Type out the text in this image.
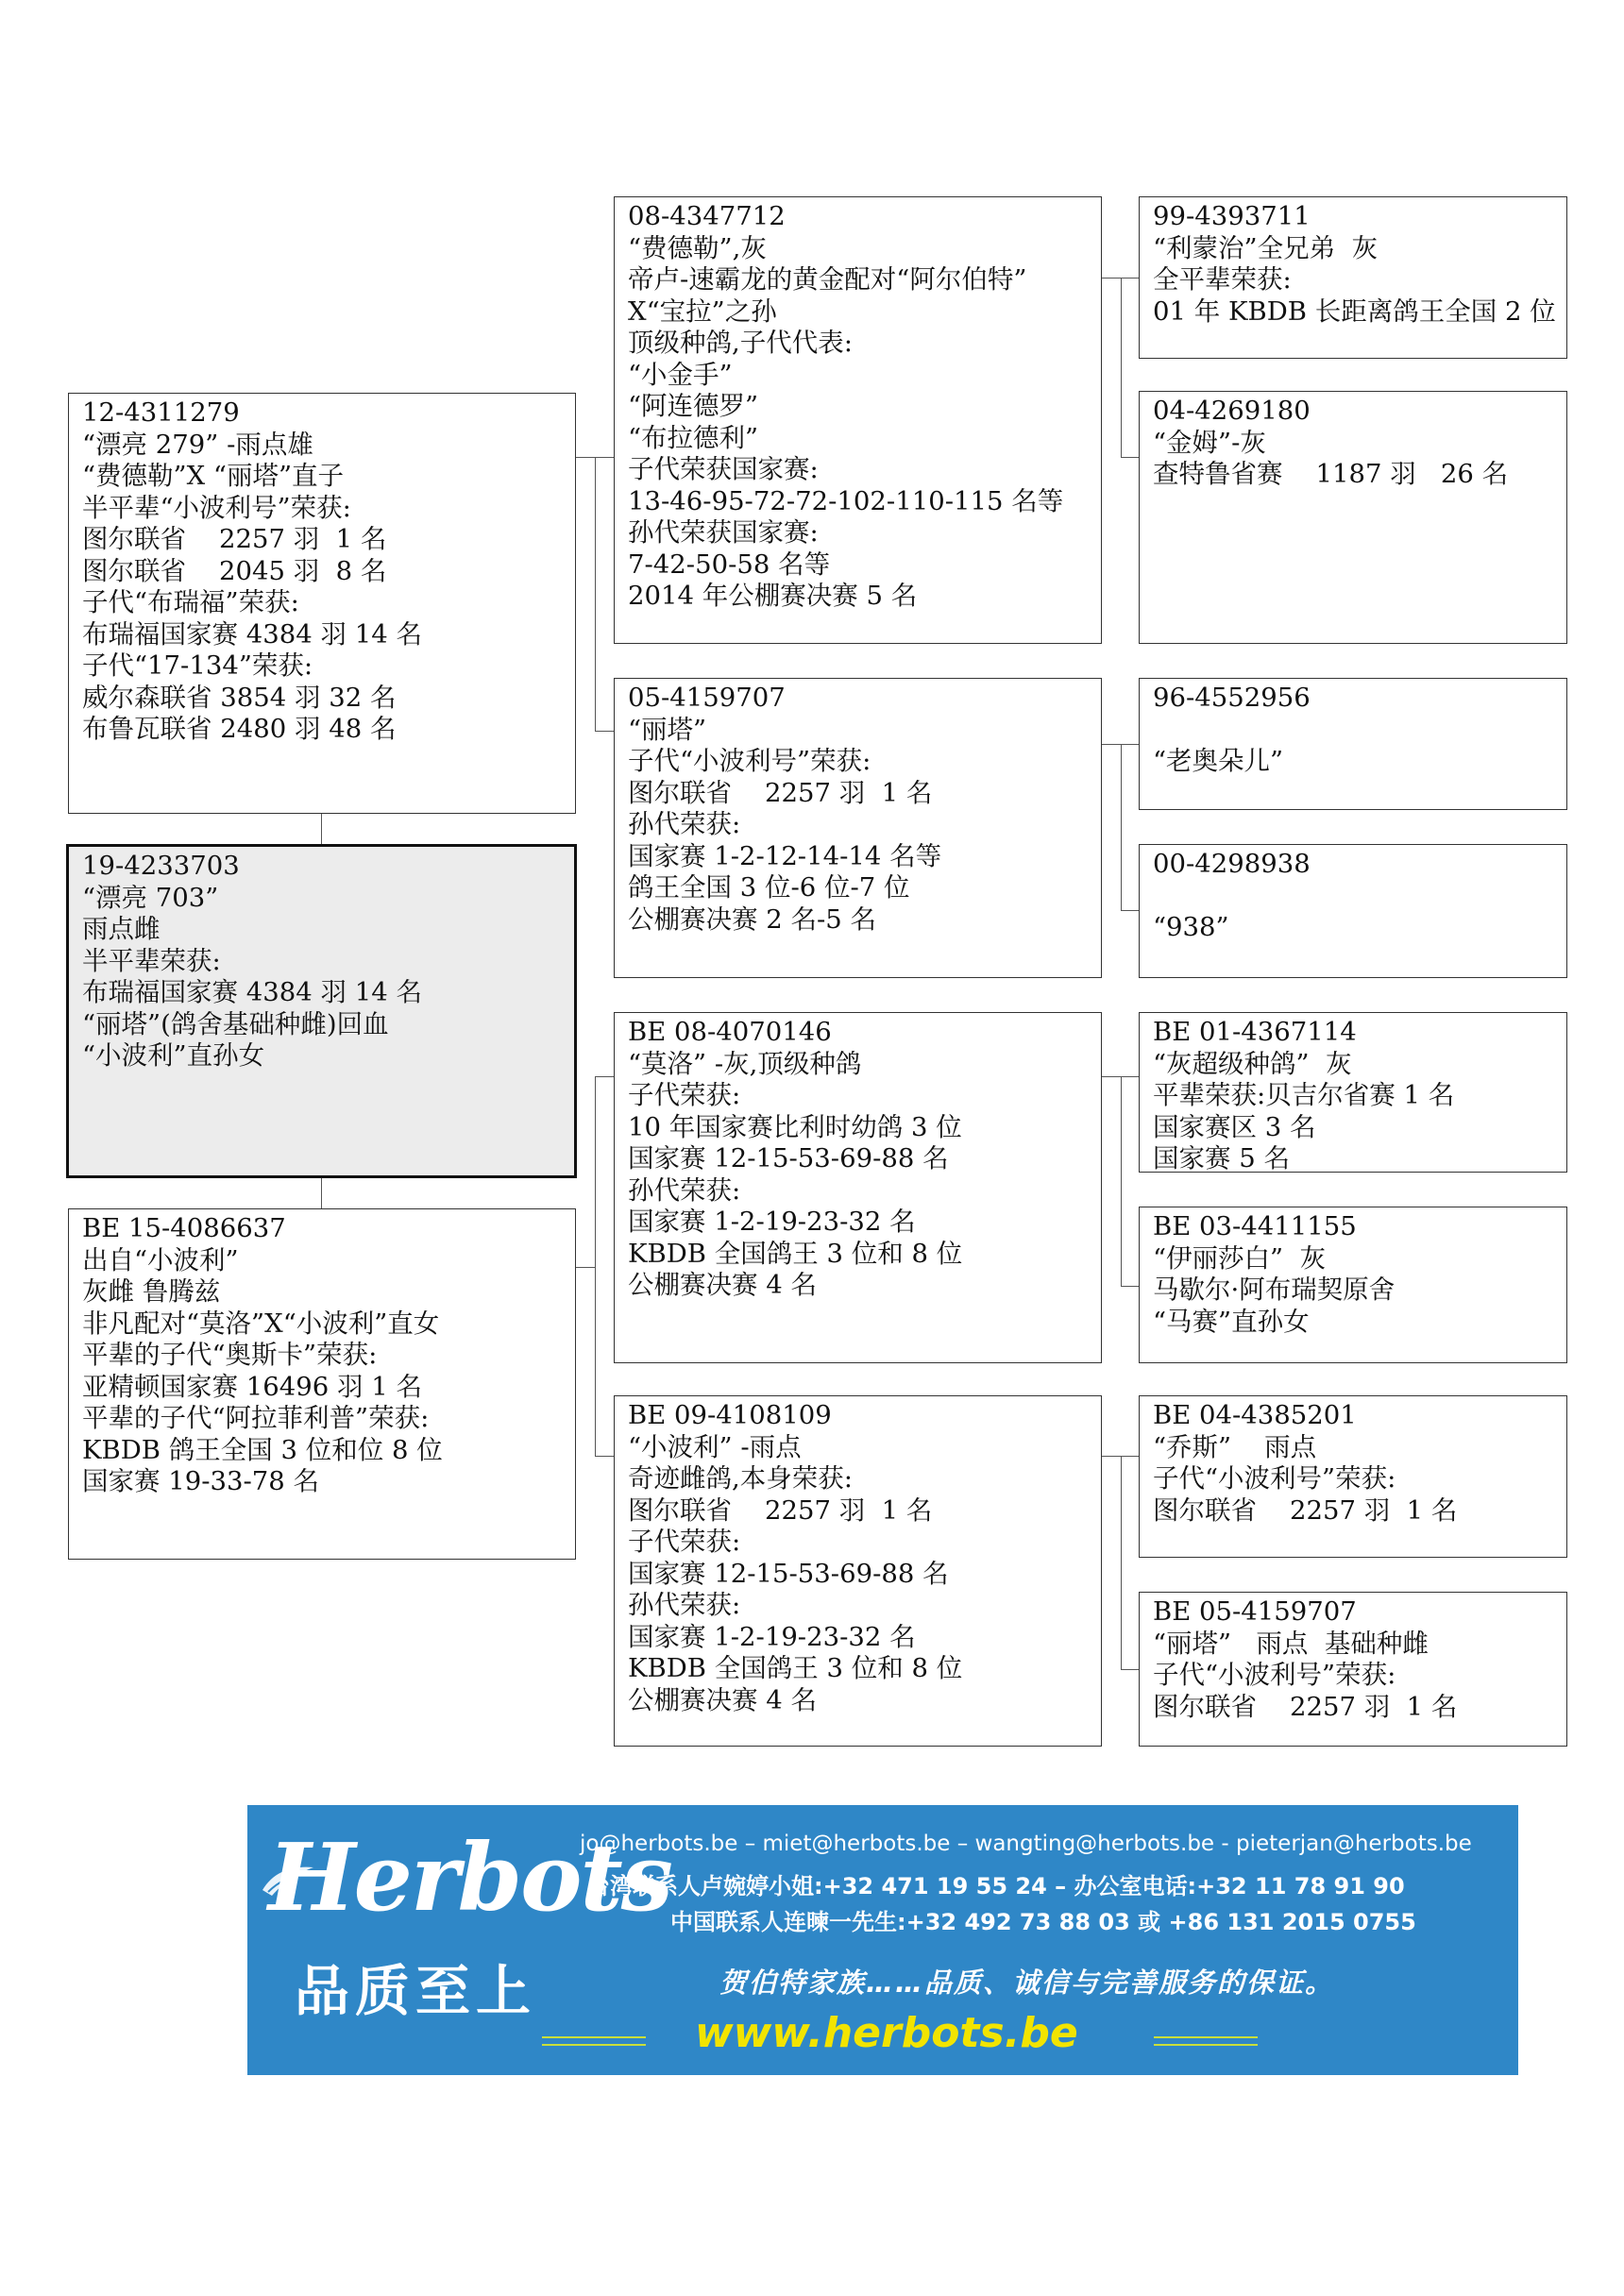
12-4311279
“漂亮 279” -雨点雄
“费德勒”X “丽塔”直子
半平辈“小波利号”荣获:
图尔联省    2257 羽  1 名
图尔联省    2045 羽  8 名
子代“布瑞福”荣获:
布瑞福国家赛 4384 羽 14 名
子代“17-134”荣获:
威尔森联省 3854 羽 32 名
布鲁瓦联省 2480 羽 48 名
19-4233703
“漂亮 703”
雨点雌
半平辈荣获:
布瑞福国家赛 4384 羽 14 名
“丽塔”(鸽舍基础种雌)回血
“小波利”直孙女
BE 15-4086637
出自“小波利”
灰雌 鲁腾兹
非凡配对“莫洛”X“小波利”直女
平辈的子代“奥斯卡”荣获:
亚精顿国家赛 16496 羽 1 名
平辈的子代“阿拉菲利普”荣获:
KBDB 鸽王全国 3 位和位 8 位
国家赛 19-33-78 名
08-4347712
“费德勒”,灰
帝卢-速霸龙的黄金配对“阿尔伯特”
X“宝拉”之孙
顶级种鸽,子代代表:
“小金手”
“阿连德罗”
“布拉德利”
子代荣获国家赛:
13-46-95-72-72-102-110-115 名等
孙代荣获国家赛:
7-42-50-58 名等
2014 年公棚赛决赛 5 名
05-4159707
“丽塔”
子代“小波利号”荣获:
图尔联省    2257 羽  1 名
孙代荣获:
国家赛 1-2-12-14-14 名等
鸽王全国 3 位-6 位-7 位
公棚赛决赛 2 名-5 名
BE 08-4070146
“莫洛” -灰,顶级种鸽
子代荣获:
10 年国家赛比利时幼鸽 3 位
国家赛 12-15-53-69-88 名
孙代荣获:
国家赛 1-2-19-23-32 名
KBDB 全国鸽王 3 位和 8 位
公棚赛决赛 4 名
BE 09-4108109
“小波利” -雨点
奇迹雌鸽,本身荣获:
图尔联省    2257 羽  1 名
子代荣获:
国家赛 12-15-53-69-88 名
孙代荣获:
国家赛 1-2-19-23-32 名
KBDB 全国鸽王 3 位和 8 位
公棚赛决赛 4 名
99-4393711
“利蒙治”全兄弟  灰
全平辈荣获:
01 年 KBDB 长距离鸽王全国 2 位
04-4269180
“金姆”-灰
查特鲁省赛    1187 羽   26 名
96-4552956

“老奥朵儿”
00-4298938

“938”
BE 01-4367114
“灰超级种鸽”  灰
平辈荣获:贝吉尔省赛 1 名
国家赛区 3 名
国家赛 5 名
BE 03-4411155
“伊丽莎白”  灰
马歇尔·阿布瑞契原舍
“马赛”直孙女
BE 04-4385201
“乔斯”    雨点
子代“小波利号”荣获:
图尔联省    2257 羽  1 名
BE 05-4159707
“丽塔”   雨点  基础种雌
子代“小波利号”荣获:
图尔联省    2257 羽  1 名
Herbots
品质至上
jo@herbots.be – miet@herbots.be – wangting@herbots.be - pieterjan@herbots.be
台湾联系人卢婉婷小姐:+32 471 19 55 24 – 办公室电话:+32 11 78 91 90
中国联系人连暕一先生:+32 492 73 88 03 或 +86 131 2015 0755
贺伯特家族……品质、诚信与完善服务的保证。
www.herbots.be
